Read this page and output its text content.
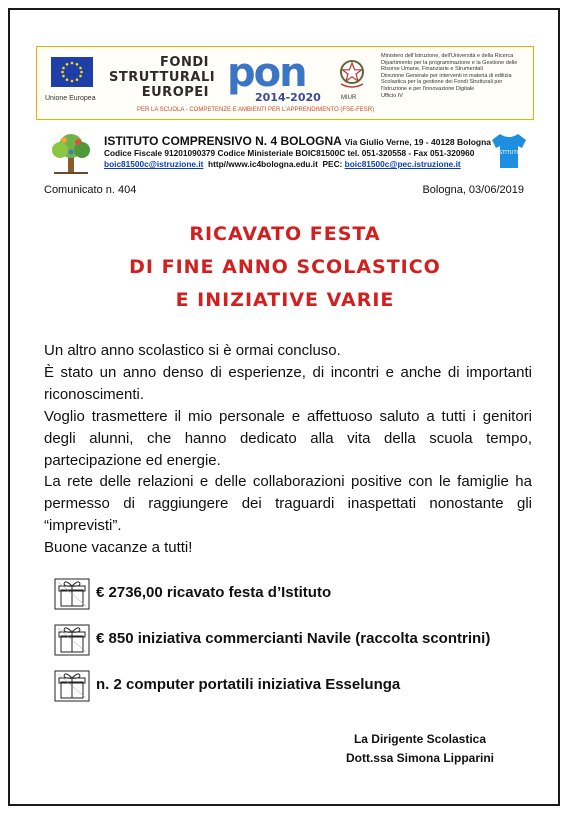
Unione Europea
FONDI
STRUTTURALI
EUROPEI pon
2014-2020
PER LA SCUOLA - COMPETENZE E AMBIENTI PER L'APPRENDIMENTO (FSE-FESR)
MIUR
Ministero dell'Istruzione, dell'Università e della Ricerca
Dipartimento per la programmazione e la Gestione delle
Risorse Umane, Finanziarie e Strumentali
Direzione Generale per interventi in materia di edilizia
Scolastica per la gestione dei Fondi Strutturali per
l'Istruzione e per l'innovazione Digitale
Ufficio IV
ISTITUTO COMPRENSIVO N. 4 BOLOGNA Via Giulio Verne, 19 - 40128 Bologna
Codice Fiscale 91201090379 Codice Ministeriale BOIC81500C tel. 051-320558 - Fax 051-320960
boic81500c@istruzione.it http//www.ic4bologna.edu.it PEC: boic81500c@pec.istruzione.it
ISTITUTO
Comunicato n. 404	Bologna, 03/06/2019
RICAVATO FESTA
DI FINE ANNO SCOLASTICO
E INIZIATIVE VARIE

Un altro anno scolastico si è ormai concluso.

È stato un anno denso di esperienze, di incontri e anche di importanti riconoscimenti.

Voglio trasmettere il mio personale e affettuoso saluto a tutti i genitori degli alunni, che hanno dedicato alla vita della scuola tempo, partecipazione ed energie.

La rete delle relazioni e delle collaborazioni positive con le famiglie ha permesso di raggiungere dei traguardi inaspettati nonostante gli “imprevisti”.

Buone vacanze a tutti!

€ 2736,00 ricavato festa d’Istituto
€ 850 iniziativa commercianti Navile (raccolta scontrini)
n. 2 computer portatili iniziativa Esselunga
La Dirigente Scolastica
Dott.ssa Simona Lipparini
